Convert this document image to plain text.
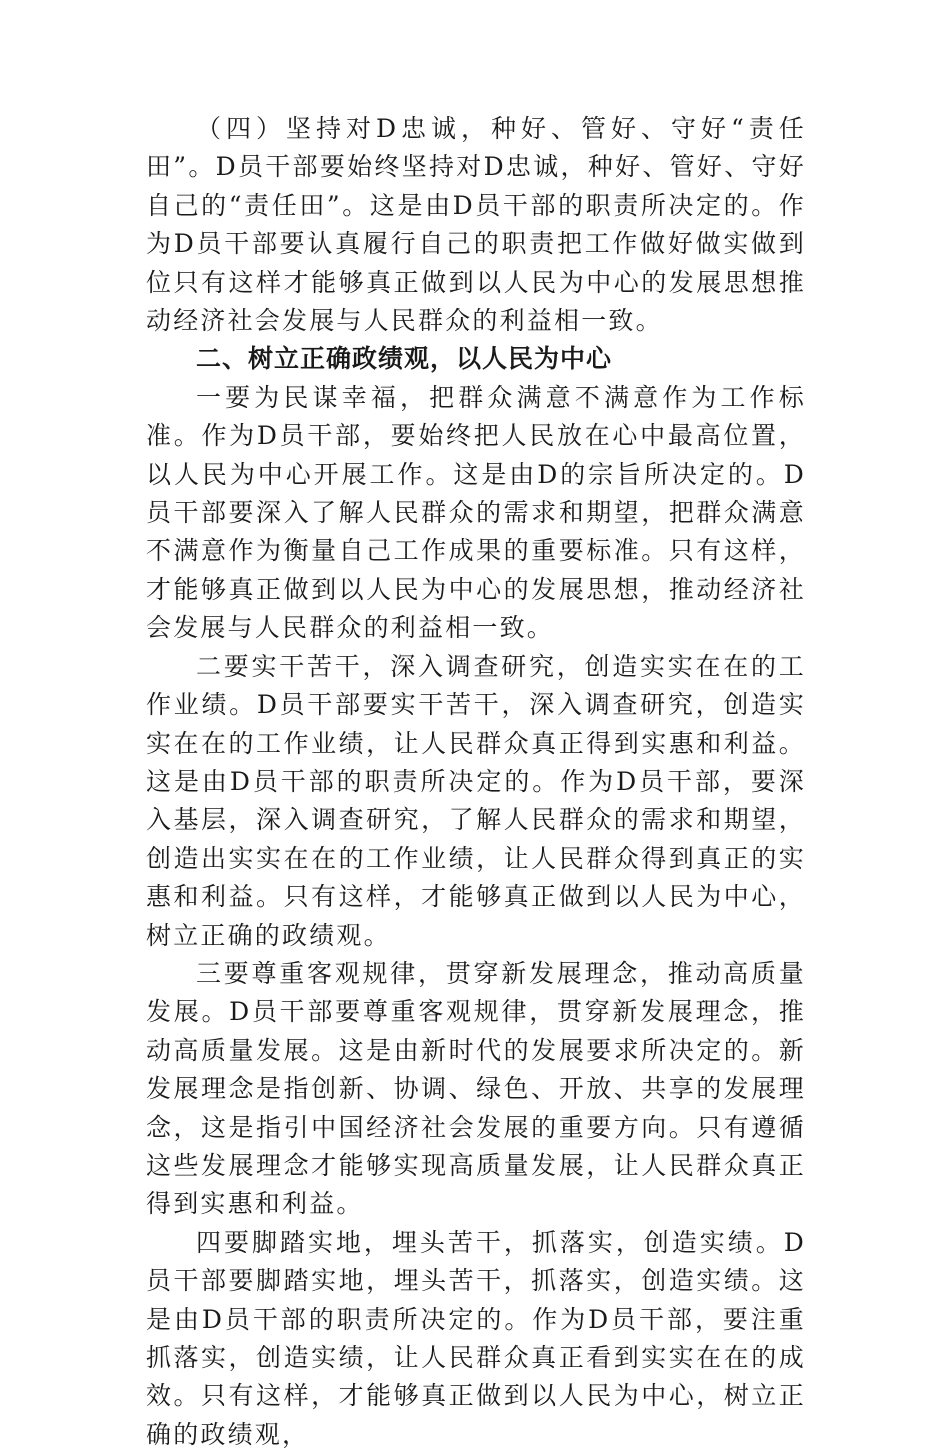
（四）坚持对D忠诚，种好、管好、守好“责任田”。D员干部要始终坚持对D忠诚，种好、管好、守好自己的“责任田”。这是由D员干部的职责所决定的。作为D员干部要认真履行自己的职责把工作做好做实做到位只有这样才能够真正做到以人民为中心的发展思想推动经济社会发展与人民群众的利益相一致。

二、树立正确政绩观，以人民为中心

一要为民谋幸福，把群众满意不满意作为工作标准。作为D员干部，要始终把人民放在心中最高位置，以人民为中心开展工作。这是由D的宗旨所决定的。D员干部要深入了解人民群众的需求和期望，把群众满意不满意作为衡量自己工作成果的重要标准。只有这样，才能够真正做到以人民为中心的发展思想，推动经济社会发展与人民群众的利益相一致。

二要实干苦干，深入调查研究，创造实实在在的工作业绩。D员干部要实干苦干，深入调查研究，创造实实在在的工作业绩，让人民群众真正得到实惠和利益。这是由D员干部的职责所决定的。作为D员干部，要深入基层，深入调查研究，了解人民群众的需求和期望，创造出实实在在的工作业绩，让人民群众得到真正的实惠和利益。只有这样，才能够真正做到以人民为中心，树立正确的政绩观。

三要尊重客观规律，贯穿新发展理念，推动高质量发展。D员干部要尊重客观规律，贯穿新发展理念，推动高质量发展。这是由新时代的发展要求所决定的。新发展理念是指创新、协调、绿色、开放、共享的发展理念，这是指引中国经济社会发展的重要方向。只有遵循这些发展理念才能够实现高质量发展，让人民群众真正得到实惠和利益。

四要脚踏实地，埋头苦干，抓落实，创造实绩。D员干部要脚踏实地，埋头苦干，抓落实，创造实绩。这是由D员干部的职责所决定的。作为D员干部，要注重抓落实，创造实绩，让人民群众真正看到实实在在的成效。只有这样，才能够真正做到以人民为中心，树立正确的政绩观，
